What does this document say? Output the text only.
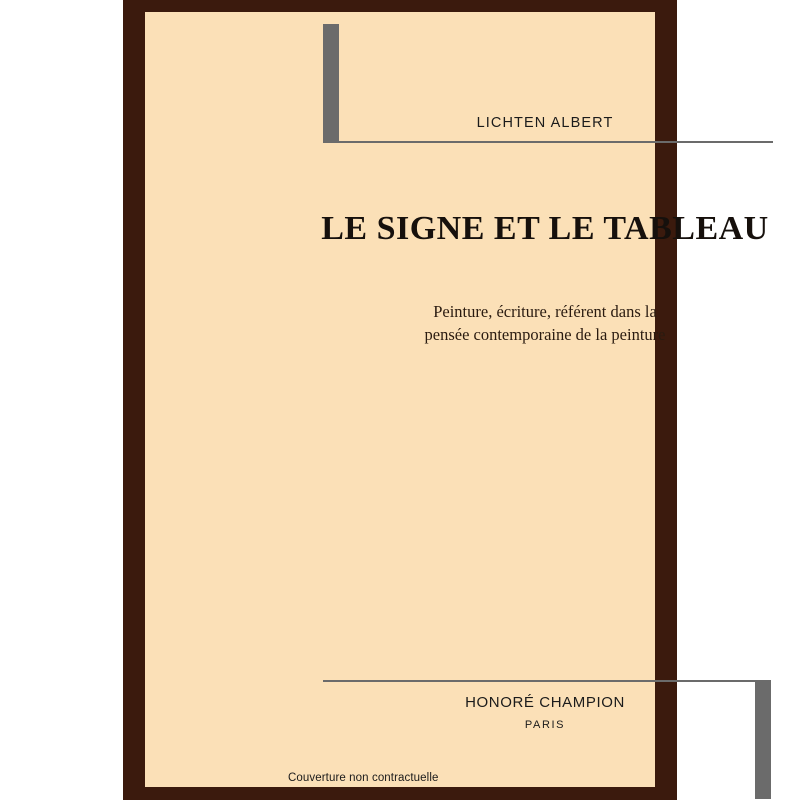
LICHTEN ALBERT
LE SIGNE ET LE TABLEAU
Peinture, écriture, référent dans la
pensée contemporaine de la peinture
HONORÉ CHAMPION
PARIS
Couverture non contractuelle
